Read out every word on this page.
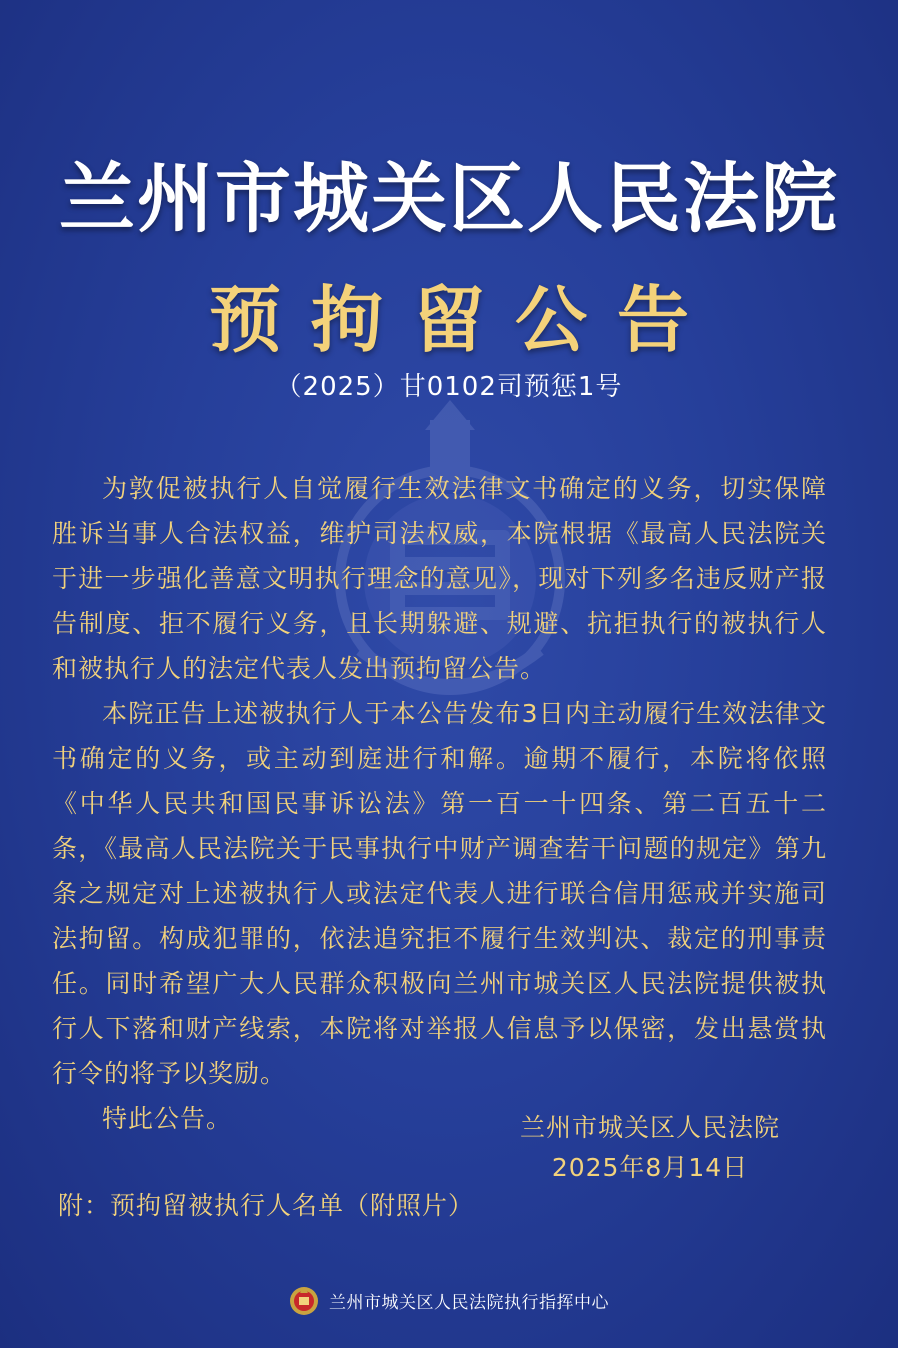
兰州市城关区人民法院
预拘留公告
（2025）甘0102司预惩1号

为敦促被执行人自觉履行生效法律文书确定的义务，切实保障胜诉当事人合法权益，维护司法权威，本院根据《最高人民法院关于进一步强化善意文明执行理念的意见》，现对下列多名违反财产报告制度、拒不履行义务，且长期躲避、规避、抗拒执行的被执行人和被执行人的法定代表人发出预拘留公告。

本院正告上述被执行人于本公告发布3日内主动履行生效法律文书确定的义务，或主动到庭进行和解。逾期不履行，本院将依照《中华人民共和国民事诉讼法》第一百一十四条、第二百五十二条，《最高人民法院关于民事执行中财产调查若干问题的规定》第九条之规定对上述被执行人或法定代表人进行联合信用惩戒并实施司法拘留。构成犯罪的，依法追究拒不履行生效判决、裁定的刑事责任。同时希望广大人民群众积极向兰州市城关区人民法院提供被执行人下落和财产线索，本院将对举报人信息予以保密，发出悬赏执行令的将予以奖励。

特此公告。	兰州市城关区人民法院
2025年8月14日
附：预拘留被执行人名单（附照片）
兰州市城关区人民法院执行指挥中心
